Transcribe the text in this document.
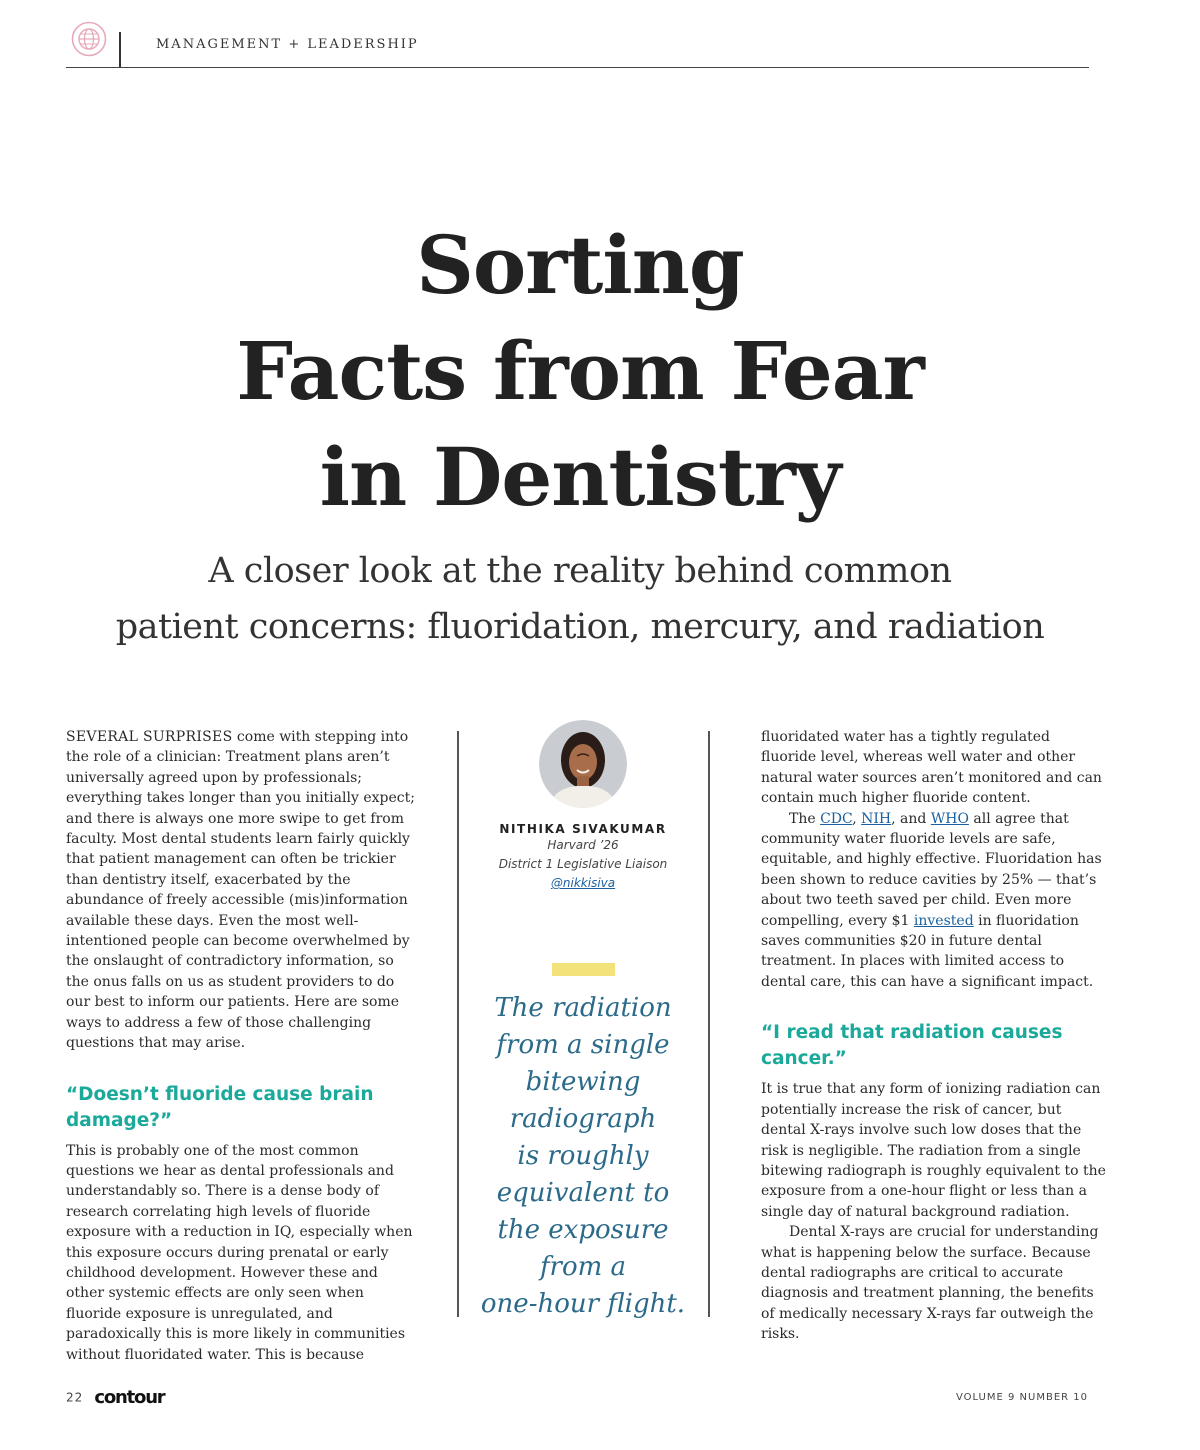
MANAGEMENT + LEADERSHIP
Sorting
Facts from Fear
in Dentistry
A closer look at the reality behind common
patient concerns: fluoridation, mercury, and radiation

SEVERAL SURPRISES come with stepping into the role of a clinician: Treatment plans aren’t universally agreed upon by professionals; everything takes longer than you initially expect; and there is always one more swipe to get from faculty. Most dental students learn fairly quickly that patient management can often be trickier than dentistry itself, exacerbated by the abundance of freely accessible (mis)information available these days. Even the most well-intentioned people can become overwhelmed by the onslaught of contradictory information, so the onus falls on us as student providers to do our best to inform our patients. Here are some ways to address a few of those challenging questions that may arise.

“Doesn’t fluoride cause brain damage?”

This is probably one of the most common questions we hear as dental professionals and understandably so. There is a dense body of research correlating high levels of fluoride exposure with a reduction in IQ, especially when this exposure occurs during prenatal or early childhood development. However these and other systemic effects are only seen when fluoride exposure is unregulated, and paradoxically this is more likely in communities without fluoridated water. This is because

NITHIKA SIVAKUMAR
Harvard ’26
District 1 Legislative Liaison
@nikkisiva
The radiation
from a single
bitewing
radiograph
is roughly
equivalent to
the exposure
from a
one-hour flight.

fluoridated water has a tightly regulated fluoride level, whereas well water and other natural water sources aren’t monitored and can contain much higher fluoride content.

The CDC, NIH, and WHO all agree that community water fluoride levels are safe, equitable, and highly effective. Fluoridation has been shown to reduce cavities by 25% — that’s about two teeth saved per child. Even more compelling, every $1 invested in fluoridation saves communities $20 in future dental treatment. In places with limited access to dental care, this can have a significant impact.

“I read that radiation causes cancer.”

It is true that any form of ionizing radiation can potentially increase the risk of cancer, but dental X-rays involve such low doses that the risk is negligible. The radiation from a single bitewing radiograph is roughly equivalent to the exposure from a one-hour flight or less than a single day of natural background radiation.

Dental X-rays are crucial for understanding what is happening below the surface. Because dental radiographs are critical to accurate diagnosis and treatment planning, the benefits of medically necessary X-rays far outweigh the risks.

22 contour	VOLUME 9 NUMBER 10
